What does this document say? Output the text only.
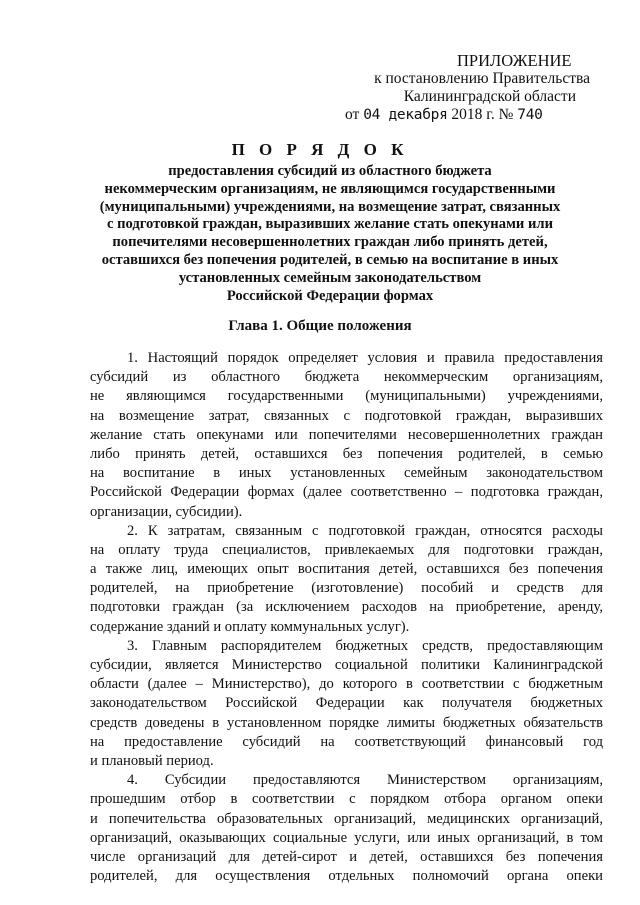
ПРИЛОЖЕНИЕ
к постановлению Правительства
Калининградской области
от 04 декабря 2018 г. № 740
П О Р Я Д О К
предоставления субсидий из областного бюджета
некоммерческим организациям, не являющимся государственными
(муниципальными) учреждениями, на возмещение затрат, связанных
с подготовкой граждан, выразивших желание стать опекунами или
попечителями несовершеннолетних граждан либо принять детей,
оставшихся без попечения родителей, в семью на воспитание в иных
установленных семейным законодательством
Российской Федерации формах
Глава 1. Общие положения
1. Настоящий порядок определяет условия и правила предоставления
субсидий из областного бюджета некоммерческим организациям,
не являющимся государственными (муниципальными) учреждениями,
на возмещение затрат, связанных с подготовкой граждан, выразивших
желание стать опекунами или попечителями несовершеннолетних граждан
либо принять детей, оставшихся без попечения родителей, в семью
на воспитание в иных установленных семейным законодательством
Российской Федерации формах (далее соответственно – подготовка граждан,
организации, субсидии).
2. К затратам, связанным с подготовкой граждан, относятся расходы
на оплату труда специалистов, привлекаемых для подготовки граждан,
а также лиц, имеющих опыт воспитания детей, оставшихся без попечения
родителей, на приобретение (изготовление) пособий и средств для
подготовки граждан (за исключением расходов на приобретение, аренду,
содержание зданий и оплату коммунальных услуг).
3. Главным распорядителем бюджетных средств, предоставляющим
субсидии, является Министерство социальной политики Калининградской
области (далее – Министерство), до которого в соответствии с бюджетным
законодательством Российской Федерации как получателя бюджетных
средств доведены в установленном порядке лимиты бюджетных обязательств
на предоставление субсидий на соответствующий финансовый год
и плановый период.
4. Субсидии предоставляются Министерством организациям,
прошедшим отбор в соответствии с порядком отбора органом опеки
и попечительства образовательных организаций, медицинских организаций,
организаций, оказывающих социальные услуги, или иных организаций, в том
числе организаций для детей-сирот и детей, оставшихся без попечения
родителей, для осуществления отдельных полномочий органа опеки
